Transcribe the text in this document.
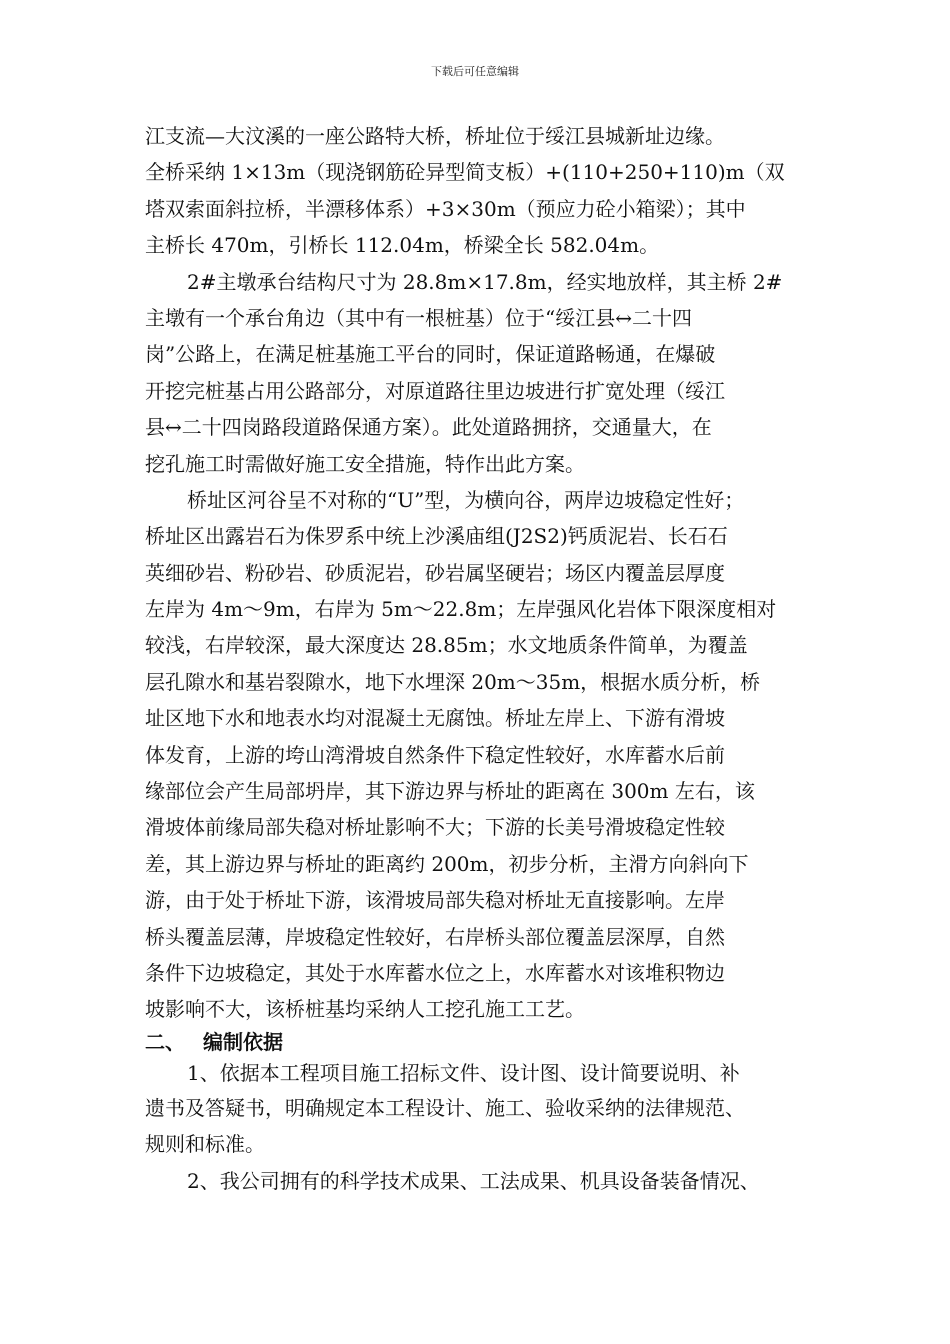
下载后可任意编辑
江支流—大汶溪的一座公路特大桥，桥址位于绥江县城新址边缘。
全桥采纳 1×13m（现浇钢筋砼异型简支板）+(110+250+110)m（双
塔双索面斜拉桥，半漂移体系）+3×30m（预应力砼小箱梁）；其中
主桥长 470m，引桥长 112.04m，桥梁全长 582.04m。
2#主墩承台结构尺寸为 28.8m×17.8m，经实地放样，其主桥 2#
主墩有一个承台角边（其中有一根桩基）位于“绥江县↔二十四
岗”公路上，在满足桩基施工平台的同时，保证道路畅通，在爆破
开挖完桩基占用公路部分，对原道路往里边坡进行扩宽处理（绥江
县↔二十四岗路段道路保通方案）。此处道路拥挤，交通量大，在
挖孔施工时需做好施工安全措施，特作出此方案。
桥址区河谷呈不对称的“U”型，为横向谷，两岸边坡稳定性好；
桥址区出露岩石为侏罗系中统上沙溪庙组(J2S2)钙质泥岩、长石石
英细砂岩、粉砂岩、砂质泥岩，砂岩属坚硬岩；场区内覆盖层厚度
左岸为 4m～9m，右岸为 5m～22.8m；左岸强风化岩体下限深度相对
较浅，右岸较深，最大深度达 28.85m；水文地质条件简单，为覆盖
层孔隙水和基岩裂隙水，地下水埋深 20m～35m，根据水质分析，桥
址区地下水和地表水均对混凝土无腐蚀。桥址左岸上、下游有滑坡
体发育，上游的垮山湾滑坡自然条件下稳定性较好，水库蓄水后前
缘部位会产生局部坍岸，其下游边界与桥址的距离在 300m 左右，该
滑坡体前缘局部失稳对桥址影响不大；下游的长美号滑坡稳定性较
差，其上游边界与桥址的距离约 200m，初步分析，主滑方向斜向下
游，由于处于桥址下游，该滑坡局部失稳对桥址无直接影响。左岸
桥头覆盖层薄，岸坡稳定性较好，右岸桥头部位覆盖层深厚，自然
条件下边坡稳定，其处于水库蓄水位之上，水库蓄水对该堆积物边
坡影响不大，该桥桩基均采纳人工挖孔施工工艺。
二、 编制依据
1、依据本工程项目施工招标文件、设计图、设计简要说明、补
遗书及答疑书，明确规定本工程设计、施工、验收采纳的法律规范、
规则和标准。
2、我公司拥有的科学技术成果、工法成果、机具设备装备情况、
